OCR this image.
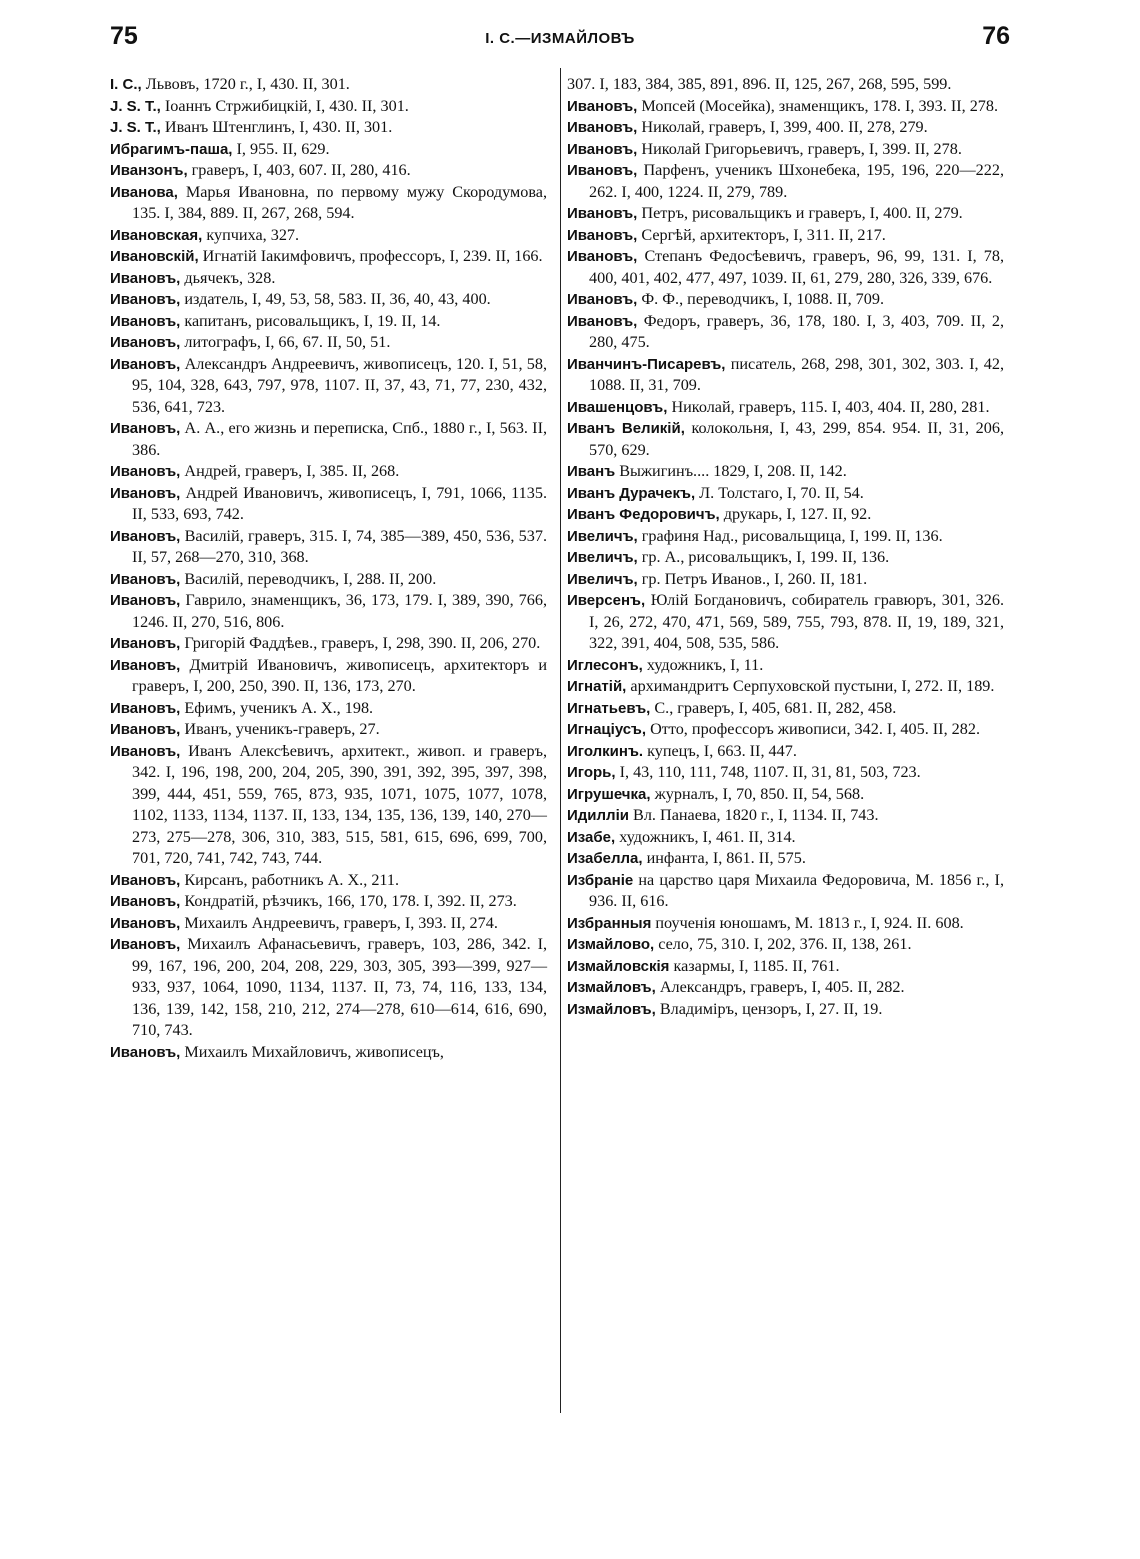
75	I. C.—ИЗМАЙЛОВЪ	76
I. C., Львовъ, 1720 г., I, 430. II, 301.
J. S. T., Іоаннъ Стржибицкій, I, 430. II, 301.
J. S. T., Иванъ Штенглинъ, I, 430. II, 301.
Ибрагимъ-паша, I, 955. II, 629.
Иванзонъ, граверъ, I, 403, 607. II, 280, 416.
Иванова, Марья Ивановна, по первому мужу Скородумова, 135. I, 384, 889. II, 267, 268, 594.
Ивановская, купчиха, 327.
Ивановскій, Игнатій Іакимфовичъ, профессоръ, I, 239. II, 166.
Ивановъ, дьячекъ, 328.
Ивановъ, издатель, I, 49, 53, 58, 583. II, 36, 40, 43, 400.
Ивановъ, капитанъ, рисовальщикъ, I, 19. II, 14.
Ивановъ, литографъ, I, 66, 67. II, 50, 51.
Ивановъ, Александръ Андреевичъ, живописецъ, 120. I, 51, 58, 95, 104, 328, 643, 797, 978, 1107. II, 37, 43, 71, 77, 230, 432, 536, 641, 723.
Ивановъ, А. А., его жизнь и переписка, Спб., 1880 г., I, 563. II, 386.
Ивановъ, Андрей, граверъ, I, 385. II, 268.
Ивановъ, Андрей Ивановичъ, живописецъ, I, 791, 1066, 1135. II, 533, 693, 742.
Ивановъ, Василій, граверъ, 315. I, 74, 385—389, 450, 536, 537. II, 57, 268—270, 310, 368.
Ивановъ, Василій, переводчикъ, I, 288. II, 200.
Ивановъ, Гаврило, знаменщикъ, 36, 173, 179. I, 389, 390, 766, 1246. II, 270, 516, 806.
Ивановъ, Григорій Фаддѣев., граверъ, I, 298, 390. II, 206, 270.
Ивановъ, Дмитрій Ивановичъ, живописецъ, архитекторъ и граверъ, I, 200, 250, 390. II, 136, 173, 270.
Ивановъ, Ефимъ, ученикъ А. Х., 198.
Ивановъ, Иванъ, ученикъ-граверъ, 27.
Ивановъ, Иванъ Алексѣевичъ, архитект., живоп. и граверъ, 342. I, 196, 198, 200, 204, 205, 390, 391, 392, 395, 397, 398, 399, 444, 451, 559, 765, 873, 935, 1071, 1075, 1077, 1078, 1102, 1133, 1134, 1137. II, 133, 134, 135, 136, 139, 140, 270—273, 275—278, 306, 310, 383, 515, 581, 615, 696, 699, 700, 701, 720, 741, 742, 743, 744.
Ивановъ, Кирсанъ, работникъ А. Х., 211.
Ивановъ, Кондратій, рѣзчикъ, 166, 170, 178. I, 392. II, 273.
Ивановъ, Михаилъ Андреевичъ, граверъ, I, 393. II, 274.
Ивановъ, Михаилъ Афанасьевичъ, граверъ, 103, 286, 342. I, 99, 167, 196, 200, 204, 208, 229, 303, 305, 393—399, 927—933, 937, 1064, 1090, 1134, 1137. II, 73, 74, 116, 133, 134, 136, 139, 142, 158, 210, 212, 274—278, 610—614, 616, 690, 710, 743.
Ивановъ, Михаилъ Михайловичъ, живописецъ,
307. I, 183, 384, 385, 891, 896. II, 125, 267, 268, 595, 599.
Ивановъ, Мопсей (Мосейка), знаменщикъ, 178. I, 393. II, 278.
Ивановъ, Николай, граверъ, I, 399, 400. II, 278, 279.
Ивановъ, Николай Григорьевичъ, граверъ, I, 399. II, 278.
Ивановъ, Парфенъ, ученикъ Шхонебека, 195, 196, 220—222, 262. I, 400, 1224. II, 279, 789.
Ивановъ, Петръ, рисовальщикъ и граверъ, I, 400. II, 279.
Ивановъ, Сергѣй, архитекторъ, I, 311. II, 217.
Ивановъ, Степанъ Федосѣевичъ, граверъ, 96, 99, 131. I, 78, 400, 401, 402, 477, 497, 1039. II, 61, 279, 280, 326, 339, 676.
Ивановъ, Ф. Ф., переводчикъ, I, 1088. II, 709.
Ивановъ, Федоръ, граверъ, 36, 178, 180. I, 3, 403, 709. II, 2, 280, 475.
Иванчинъ-Писаревъ, писатель, 268, 298, 301, 302, 303. I, 42, 1088. II, 31, 709.
Ивашенцовъ, Николай, граверъ, 115. I, 403, 404. II, 280, 281.
Иванъ Великій, колокольня, I, 43, 299, 854. 954. II, 31, 206, 570, 629.
Иванъ Выжигинъ.... 1829, I, 208. II, 142.
Иванъ Дурачекъ, Л. Толстаго, I, 70. II, 54.
Иванъ Федоровичъ, друкарь, I, 127. II, 92.
Ивеличъ, графиня Над., рисовальщица, I, 199. II, 136.
Ивеличъ, гр. А., рисовальщикъ, I, 199. II, 136.
Ивеличъ, гр. Петръ Иванов., I, 260. II, 181.
Иверсенъ, Юлій Богдановичъ, собиратель гравюръ, 301, 326. I, 26, 272, 470, 471, 569, 589, 755, 793, 878. II, 19, 189, 321, 322, 391, 404, 508, 535, 586.
Иглесонъ, художникъ, I, 11.
Игнатій, архимандритъ Серпуховской пустыни, I, 272. II, 189.
Игнатьевъ, С., граверъ, I, 405, 681. II, 282, 458.
Игнаціусъ, Отто, профессоръ живописи, 342. I, 405. II, 282.
Иголкинъ. купецъ, I, 663. II, 447.
Игорь, I, 43, 110, 111, 748, 1107. II, 31, 81, 503, 723.
Игрушечка, журналъ, I, 70, 850. II, 54, 568.
Идилліи Вл. Панаева, 1820 г., I, 1134. II, 743.
Изабе, художникъ, I, 461. II, 314.
Изабелла, инфанта, I, 861. II, 575.
Избраніе на царство царя Михаила Федоровича, М. 1856 г., I, 936. II, 616.
Избранныя поученія юношамъ, М. 1813 г., I, 924. II. 608.
Измайлово, село, 75, 310. I, 202, 376. II, 138, 261.
Измайловскія казармы, I, 1185. II, 761.
Измайловъ, Александръ, граверъ, I, 405. II, 282.
Измайловъ, Владиміръ, цензоръ, I, 27. II, 19.
